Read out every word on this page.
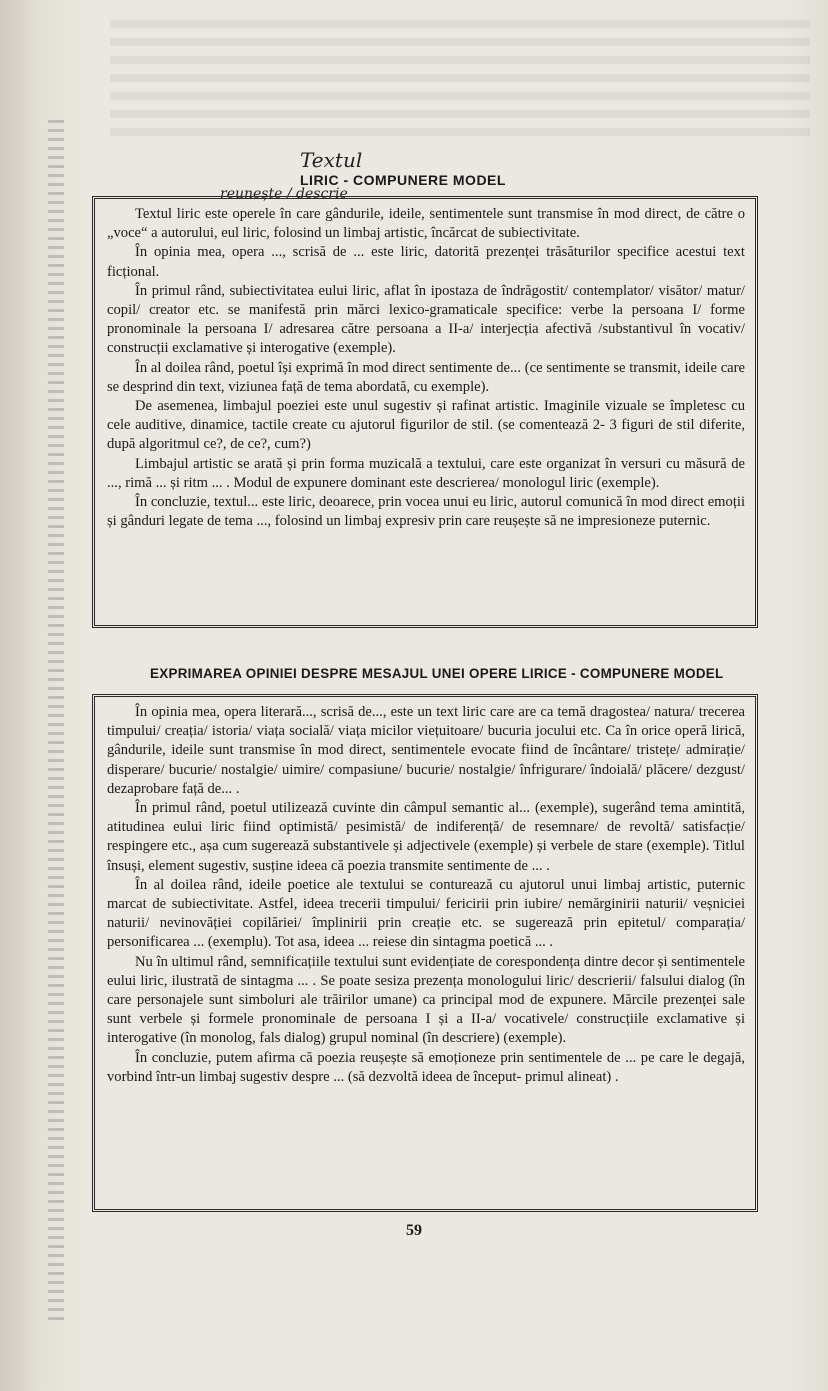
Textul
LIRIC - COMPUNERE MODEL
reunește / descrie

Textul liric este operele în care gândurile, ideile, sentimentele sunt transmise în mod direct, de către o „voce“ a autorului, eul liric, folosind un limbaj artistic, încărcat de subiectivitate.

În opinia mea, opera ..., scrisă de ... este liric, datorită prezenței trăsăturilor specifice acestui text ficțional.

În primul rând, subiectivitatea eului liric, aflat în ipostaza de îndrăgostit/ contemplator/ visător/ matur/ copil/ creator etc. se manifestă prin mărci lexico-gramaticale specifice: verbe la persoana I/ forme pronominale la persoana I/ adresarea către persoana a II-a/ interjecția afectivă /substantivul în vocativ/ construcții exclamative și interogative (exemple).

În al doilea rând, poetul își exprimă în mod direct sentimente de... (ce sentimente se transmit, ideile care se desprind din text, viziunea față de tema abordată, cu exemple).

De asemenea, limbajul poeziei este unul sugestiv și rafinat artistic. Imaginile vizuale se împletesc cu cele auditive, dinamice, tactile create cu ajutorul figurilor de stil. (se comentează 2- 3 figuri de stil diferite, după algoritmul ce?, de ce?, cum?)

Limbajul artistic se arată și prin forma muzicală a textului, care este organizat în versuri cu măsură de ..., rimă ... și ritm ... . Modul de expunere dominant este descrierea/ monologul liric (exemple).

În concluzie, textul... este liric, deoarece, prin vocea unui eu liric, autorul comunică în mod direct emoții și gânduri legate de tema ..., folosind un limbaj expresiv prin care reușește să ne impresioneze puternic.

EXPRIMAREA OPINIEI DESPRE MESAJUL UNEI OPERE LIRICE - COMPUNERE MODEL

În opinia mea, opera literară..., scrisă de..., este un text liric care are ca temă dragostea/ natura/ trecerea timpului/ creația/ istoria/ viața socială/ viața micilor viețuitoare/ bucuria jocului etc. Ca în orice operă lirică, gândurile, ideile sunt transmise în mod direct, sentimentele evocate fiind de încântare/ tristețe/ admirație/ disperare/ bucurie/ nostalgie/ uimire/ compasiune/ bucurie/ nostalgie/ înfrigurare/ îndoială/ plăcere/ dezgust/ dezaprobare față de... .

În primul rând, poetul utilizează cuvinte din câmpul semantic al... (exemple), sugerând tema amintită, atitudinea eului liric fiind optimistă/ pesimistă/ de indiferență/ de resemnare/ de revoltă/ satisfacție/ respingere etc., așa cum sugerează substantivele și adjectivele (exemple) și verbele de stare (exemple). Titlul însuși, element sugestiv, susține ideea că poezia transmite sentimente de ... .

În al doilea rând, ideile poetice ale textului se conturează cu ajutorul unui limbaj artistic, puternic marcat de subiectivitate. Astfel, ideea trecerii timpului/ fericirii prin iubire/ nemărginirii naturii/ veșniciei naturii/ nevinovăției copilăriei/ împlinirii prin creație etc. se sugerează prin epitetul/ comparația/ personificarea ... (exemplu). Tot asa, ideea ... reiese din sintagma poetică ... .

Nu în ultimul rând, semnificațiile textului sunt evidențiate de corespondența dintre decor și sentimentele eului liric, ilustrată de sintagma ... . Se poate sesiza prezența monologului liric/ descrierii/ falsului dialog (în care personajele sunt simboluri ale trăirilor umane) ca principal mod de expunere. Mărcile prezenței sale sunt verbele și formele pronominale de persoana I și a II-a/ vocativele/ construcțiile exclamative și interogative (în monolog, fals dialog) grupul nominal (în descriere) (exemple).

În concluzie, putem afirma că poezia reușește să emoționeze prin sentimentele de ... pe care le degajă, vorbind într-un limbaj sugestiv despre ... (să dezvoltă ideea de început- primul alineat) .

59
